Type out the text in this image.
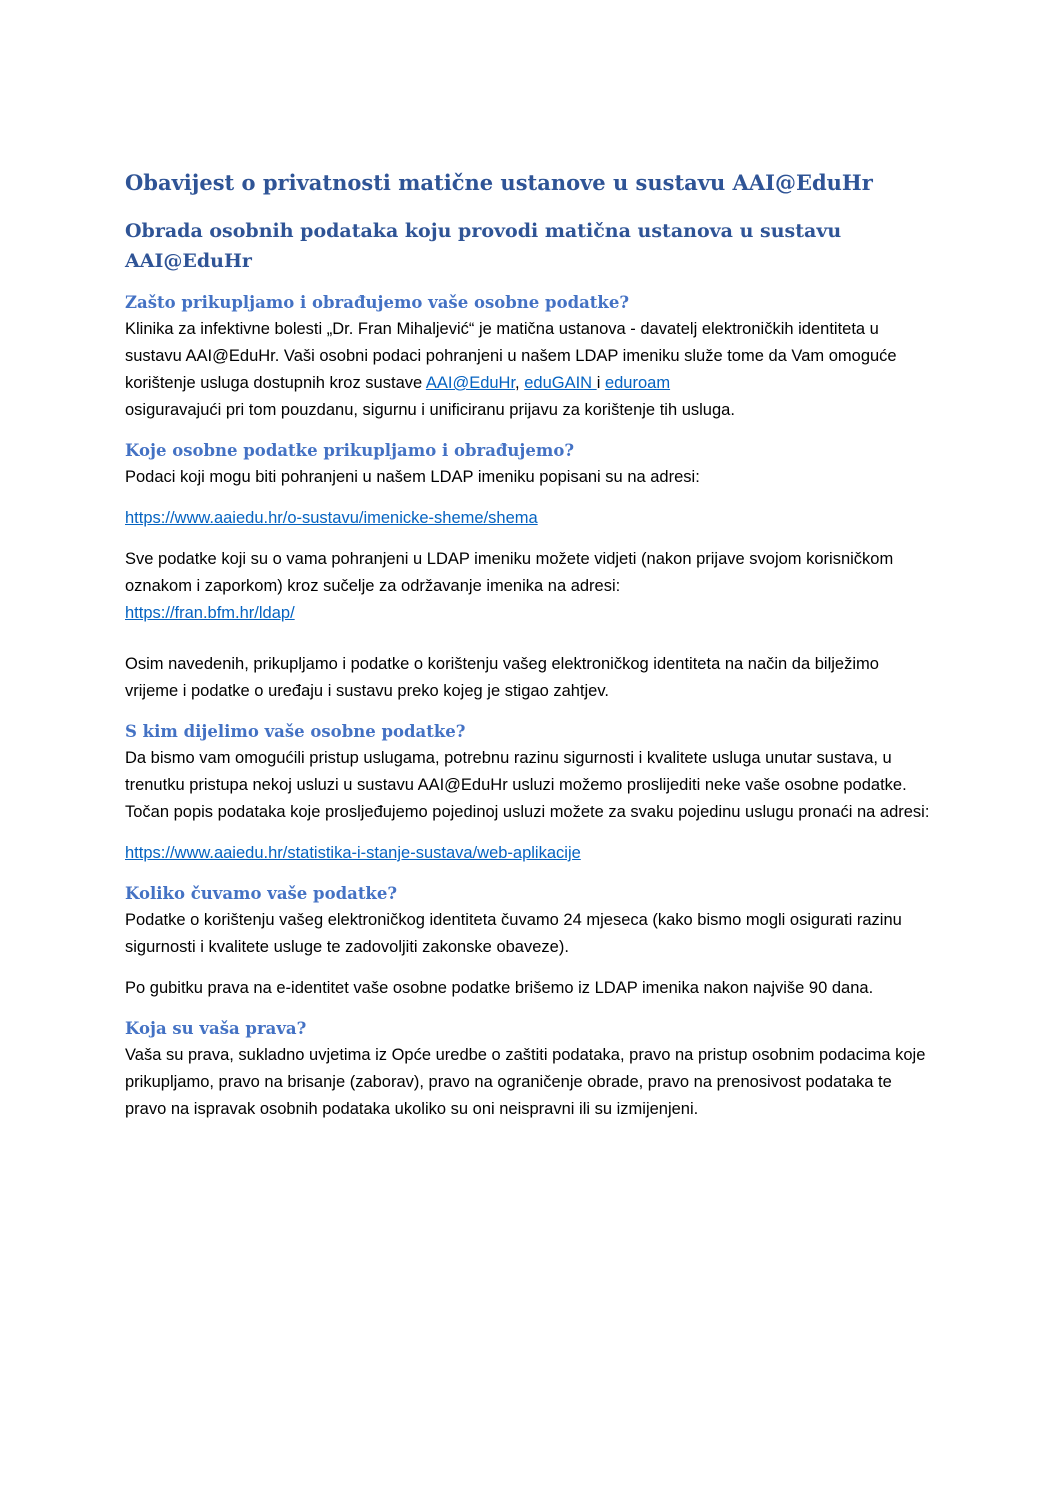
Obavijest o privatnosti matične ustanove u sustavu AAI@EduHr
Obrada osobnih podataka koju provodi matična ustanova u sustavu AAI@EduHr
Zašto prikupljamo i obrađujemo vaše osobne podatke?

Klinika za infektivne bolesti „Dr. Fran Mihaljević“ je matična ustanova - davatelj elektroničkih identiteta u sustavu AAI@EduHr. Vaši osobni podaci pohranjeni u našem LDAP imeniku služe tome da Vam omoguće korištenje usluga dostupnih kroz sustave AAI@EduHr, eduGAIN i eduroam
osiguravajući pri tom pouzdanu, sigurnu i unificiranu prijavu za korištenje tih usluga.

Koje osobne podatke prikupljamo i obrađujemo?

Podaci koji mogu biti pohranjeni u našem LDAP imeniku popisani su na adresi:

https://www.aaiedu.hr/o-sustavu/imenicke-sheme/shema

Sve podatke koji su o vama pohranjeni u LDAP imeniku možete vidjeti (nakon prijave svojom korisničkom oznakom i zaporkom) kroz sučelje za održavanje imenika na adresi:

https://fran.bfm.hr/ldap/

Osim navedenih, prikupljamo i podatke o korištenju vašeg elektroničkog identiteta na način da bilježimo vrijeme i podatke o uređaju i sustavu preko kojeg je stigao zahtjev.

S kim dijelimo vaše osobne podatke?

Da bismo vam omogućili pristup uslugama, potrebnu razinu sigurnosti i kvalitete usluga unutar sustava, u trenutku pristupa nekoj usluzi u sustavu AAI@EduHr usluzi možemo proslijediti neke vaše osobne podatke. Točan popis podataka koje prosljeđujemo pojedinoj usluzi možete za svaku pojedinu uslugu pronaći na adresi:

https://www.aaiedu.hr/statistika-i-stanje-sustava/web-aplikacije

Koliko čuvamo vaše podatke?

Podatke o korištenju vašeg elektroničkog identiteta čuvamo 24 mjeseca (kako bismo mogli osigurati razinu sigurnosti i kvalitete usluge te zadovoljiti zakonske obaveze).

Po gubitku prava na e-identitet vaše osobne podatke brišemo iz LDAP imenika nakon najviše 90 dana.

Koja su vaša prava?

Vaša su prava, sukladno uvjetima iz Opće uredbe o zaštiti podataka, pravo na pristup osobnim podacima koje prikupljamo, pravo na brisanje (zaborav), pravo na ograničenje obrade, pravo na prenosivost podataka te pravo na ispravak osobnih podataka ukoliko su oni neispravni ili su izmijenjeni.
